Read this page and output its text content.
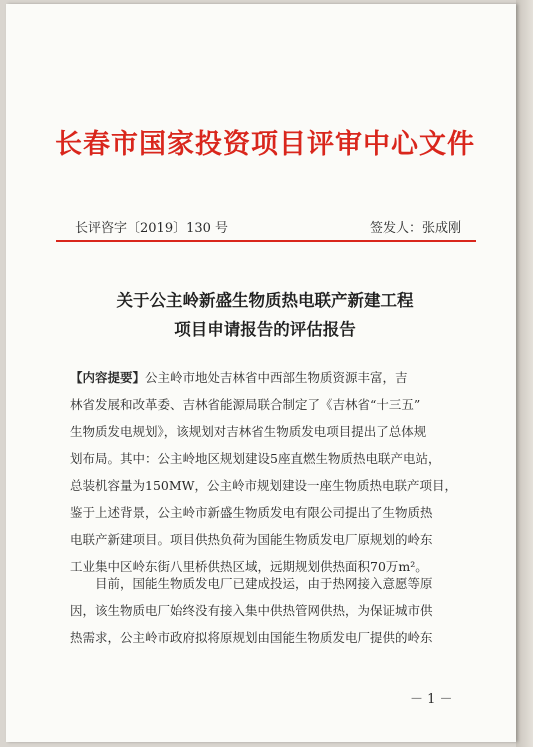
长春市国家投资项目评审中心文件
长评咨字〔2019〕130 号	签发人：张成刚
关于公主岭新盛生物质热电联产新建工程
项目申请报告的评估报告
【内容提要】公主岭市地处吉林省中西部生物质资源丰富，吉
林省发展和改革委、吉林省能源局联合制定了《吉林省“十三五”
生物质发电规划》，该规划对吉林省生物质发电项目提出了总体规
划布局。其中：公主岭地区规划建设5座直燃生物质热电联产电站，
总装机容量为150MW，公主岭市规划建设一座生物质热电联产项目，
鉴于上述背景，公主岭市新盛生物质发电有限公司提出了生物质热
电联产新建项目。项目供热负荷为国能生物质发电厂原规划的岭东
工业集中区岭东街八里桥供热区域，远期规划供热面积70万m²。
目前，国能生物质发电厂已建成投运，由于热网接入意愿等原
因，该生物质电厂始终没有接入集中供热管网供热，为保证城市供
热需求，公主岭市政府拟将原规划由国能生物质发电厂提供的岭东
－ 1 －
